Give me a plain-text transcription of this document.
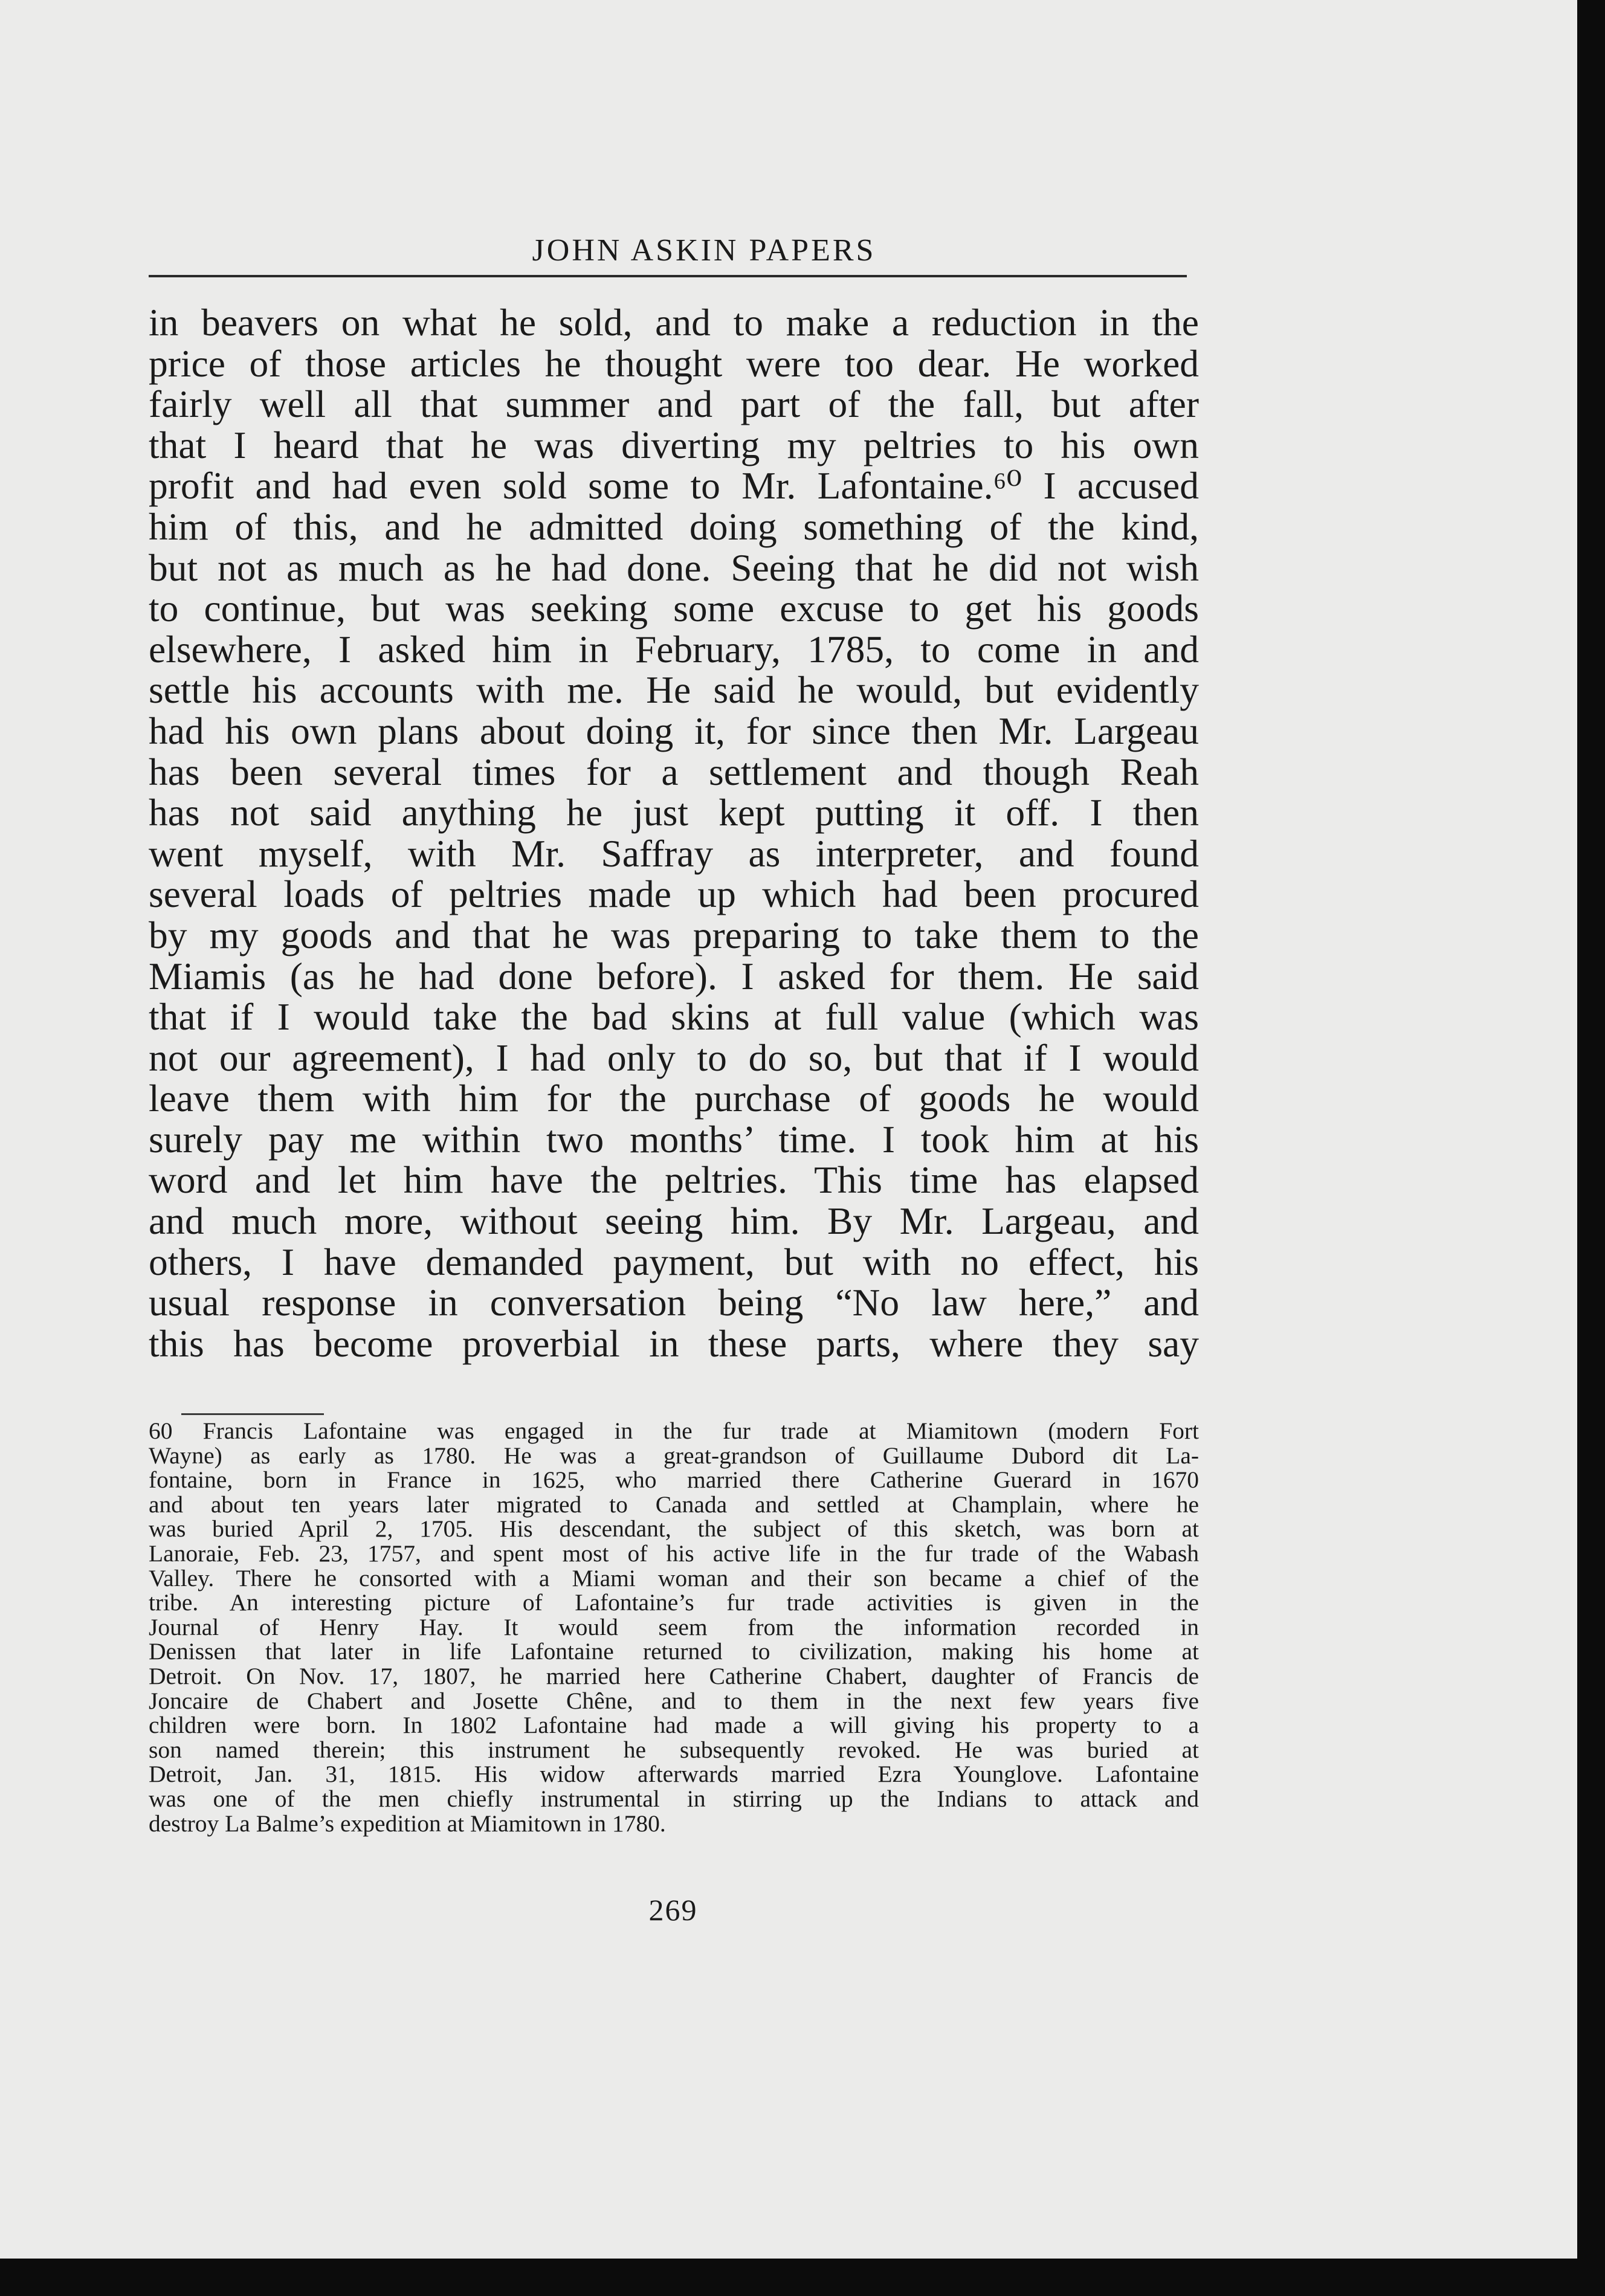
JOHN ASKIN PAPERS
in beavers on what he sold, and to make a reduction in the
price of those articles he thought were too dear. He worked
fairly well all that summer and part of the fall, but after
that I heard that he was diverting my peltries to his own
profit and had even sold some to Mr. Lafontaine.⁶⁰ I accused
him of this, and he admitted doing something of the kind,
but not as much as he had done. Seeing that he did not wish
to continue, but was seeking some excuse to get his goods
elsewhere, I asked him in February, 1785, to come in and
settle his accounts with me. He said he would, but evidently
had his own plans about doing it, for since then Mr. Largeau
has been several times for a settlement and though Reah
has not said anything he just kept putting it off. I then
went myself, with Mr. Saffray as interpreter, and found
several loads of peltries made up which had been procured
by my goods and that he was preparing to take them to the
Miamis (as he had done before). I asked for them. He said
that if I would take the bad skins at full value (which was
not our agreement), I had only to do so, but that if I would
leave them with him for the purchase of goods he would
surely pay me within two months’ time. I took him at his
word and let him have the peltries. This time has elapsed
and much more, without seeing him. By Mr. Largeau, and
others, I have demanded payment, but with no effect, his
usual response in conversation being “No law here,” and
this has become proverbial in these parts, where they say
60 Francis Lafontaine was engaged in the fur trade at Miamitown (modern Fort
Wayne) as early as 1780. He was a great-grandson of Guillaume Dubord dit La-
fontaine, born in France in 1625, who married there Catherine Guerard in 1670
and about ten years later migrated to Canada and settled at Champlain, where he
was buried April 2, 1705. His descendant, the subject of this sketch, was born at
Lanoraie, Feb. 23, 1757, and spent most of his active life in the fur trade of the Wabash
Valley. There he consorted with a Miami woman and their son became a chief of the
tribe. An interesting picture of Lafontaine’s fur trade activities is given in the
Journal of Henry Hay. It would seem from the information recorded in
Denissen that later in life Lafontaine returned to civilization, making his home at
Detroit. On Nov. 17, 1807, he married here Catherine Chabert, daughter of Francis de
Joncaire de Chabert and Josette Chêne, and to them in the next few years five
children were born. In 1802 Lafontaine had made a will giving his property to a
son named therein; this instrument he subsequently revoked. He was buried at
Detroit, Jan. 31, 1815. His widow afterwards married Ezra Younglove. Lafontaine
was one of the men chiefly instrumental in stirring up the Indians to attack and
destroy La Balme’s expedition at Miamitown in 1780.
269
